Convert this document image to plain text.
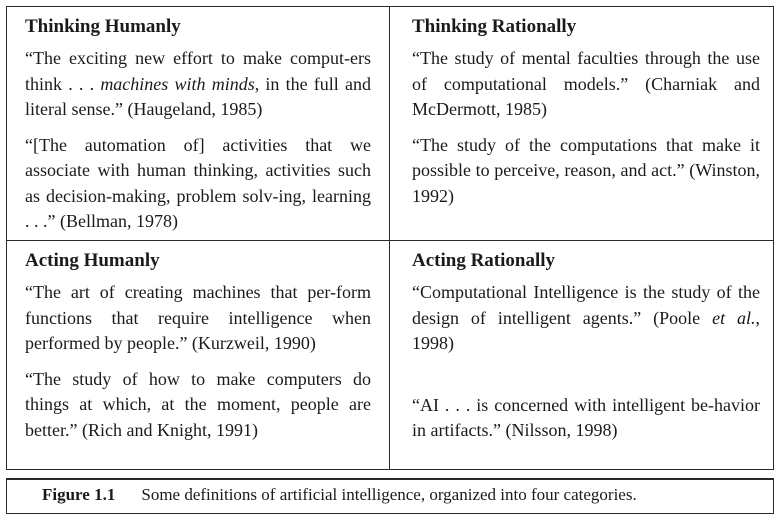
Thinking Humanly

“The exciting new effort to make comput-ers think . . . machines with minds, in the full and literal sense.” (Haugeland, 1985)

“[The automation of] activities that we associate with human thinking, activities such as decision-making, problem solv-ing, learning . . .” (Bellman, 1978)

Thinking Rationally

“The study of mental faculties through the use of computational models.” (Charniak and McDermott, 1985)

“The study of the computations that make it possible to perceive, reason, and act.” (Winston, 1992)

Acting Humanly

“The art of creating machines that per-form functions that require intelligence when performed by people.” (Kurzweil, 1990)

“The study of how to make computers do things at which, at the moment, people are better.” (Rich and Knight, 1991)

Acting Rationally

“Computational Intelligence is the study of the design of intelligent agents.” (Poole et al., 1998)

“AI . . . is concerned with intelligent be-havior in artifacts.” (Nilsson, 1998)

Figure 1.1 Some definitions of artificial intelligence, organized into four categories.
